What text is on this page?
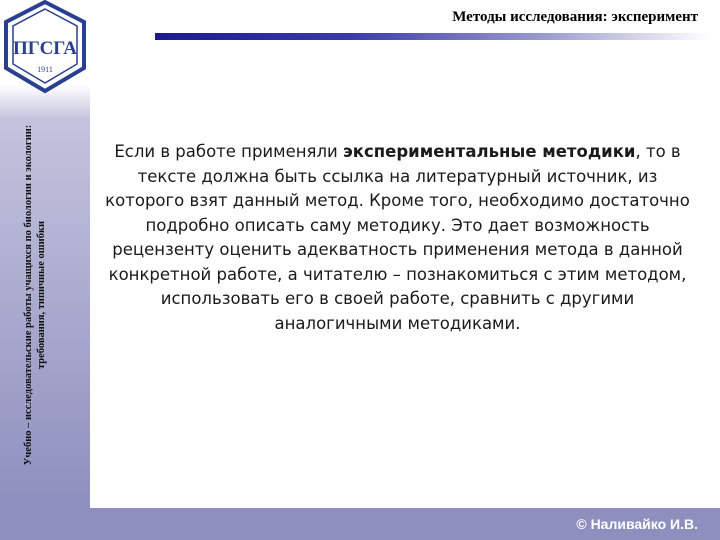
ПГСГА
1911
Учебно – исследовательские работы учащихся по биологии и экологии: требования, типичные ошибки
Методы исследования: эксперимент
Если в работе применяли экспериментальные методики, то в тексте должна быть ссылка на литературный источник, из которого взят данный метод. Кроме того, необходимо достаточно подробно описать саму методику. Это дает возможность рецензенту оценить адекватность применения метода в данной конкретной работе, а читателю – познакомиться с этим методом, использовать его в своей работе, сравнить с другими аналогичными методиками.
© Наливайко И.В.
